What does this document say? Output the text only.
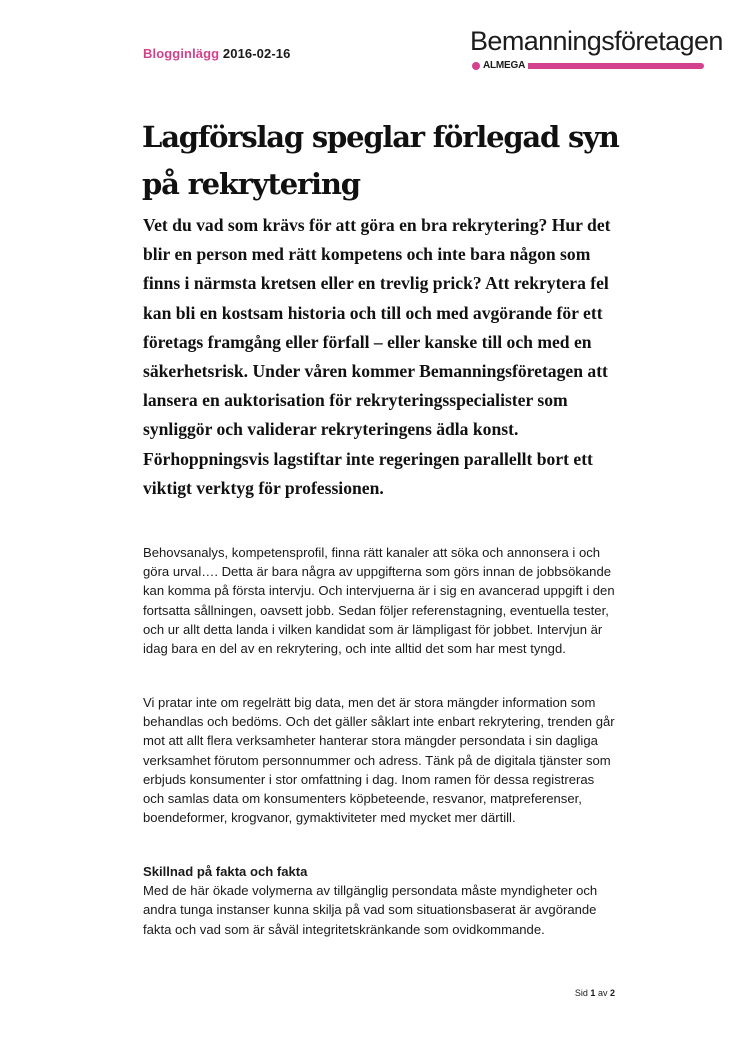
Blogginlägg 2016-02-16	Bemanningsföretagen
ALMEGA
Lagförslag speglar förlegad syn på rekrytering

Vet du vad som krävs för att göra en bra rekrytering? Hur det blir en person med rätt kompetens och inte bara någon som finns i närmsta kretsen eller en trevlig prick? Att rekrytera fel kan bli en kostsam historia och till och med avgörande för ett företags framgång eller förfall – eller kanske till och med en säkerhetsrisk. Under våren kommer Bemanningsföretagen att lansera en auktorisation för rekryteringsspecialister som synliggör och validerar rekryteringens ädla konst. Förhoppningsvis lagstiftar inte regeringen parallellt bort ett viktigt verktyg för professionen.

Behovsanalys, kompetensprofil, finna rätt kanaler att söka och annonsera i och göra urval…. Detta är bara några av uppgifterna som görs innan de jobbsökande kan komma på första intervju. Och intervjuerna är i sig en avancerad uppgift i den fortsatta sållningen, oavsett jobb. Sedan följer referenstagning, eventuella tester, och ur allt detta landa i vilken kandidat som är lämpligast för jobbet. Intervjun är idag bara en del av en rekrytering, och inte alltid det som har mest tyngd.

Vi pratar inte om regelrätt big data, men det är stora mängder information som behandlas och bedöms. Och det gäller såklart inte enbart rekrytering, trenden går mot att allt flera verksamheter hanterar stora mängder persondata i sin dagliga verksamhet förutom personnummer och adress. Tänk på de digitala tjänster som erbjuds konsumenter i stor omfattning i dag. Inom ramen för dessa registreras och samlas data om konsumenters köpbeteende, resvanor, matpreferenser, boendeformer, krogvanor, gymaktiviteter med mycket mer därtill.

Skillnad på fakta och fakta
Med de här ökade volymerna av tillgänglig persondata måste myndigheter och andra tunga instanser kunna skilja på vad som situationsbaserat är avgörande fakta och vad som är såväl integritetskränkande som ovidkommande.
Sid 1 av 2
